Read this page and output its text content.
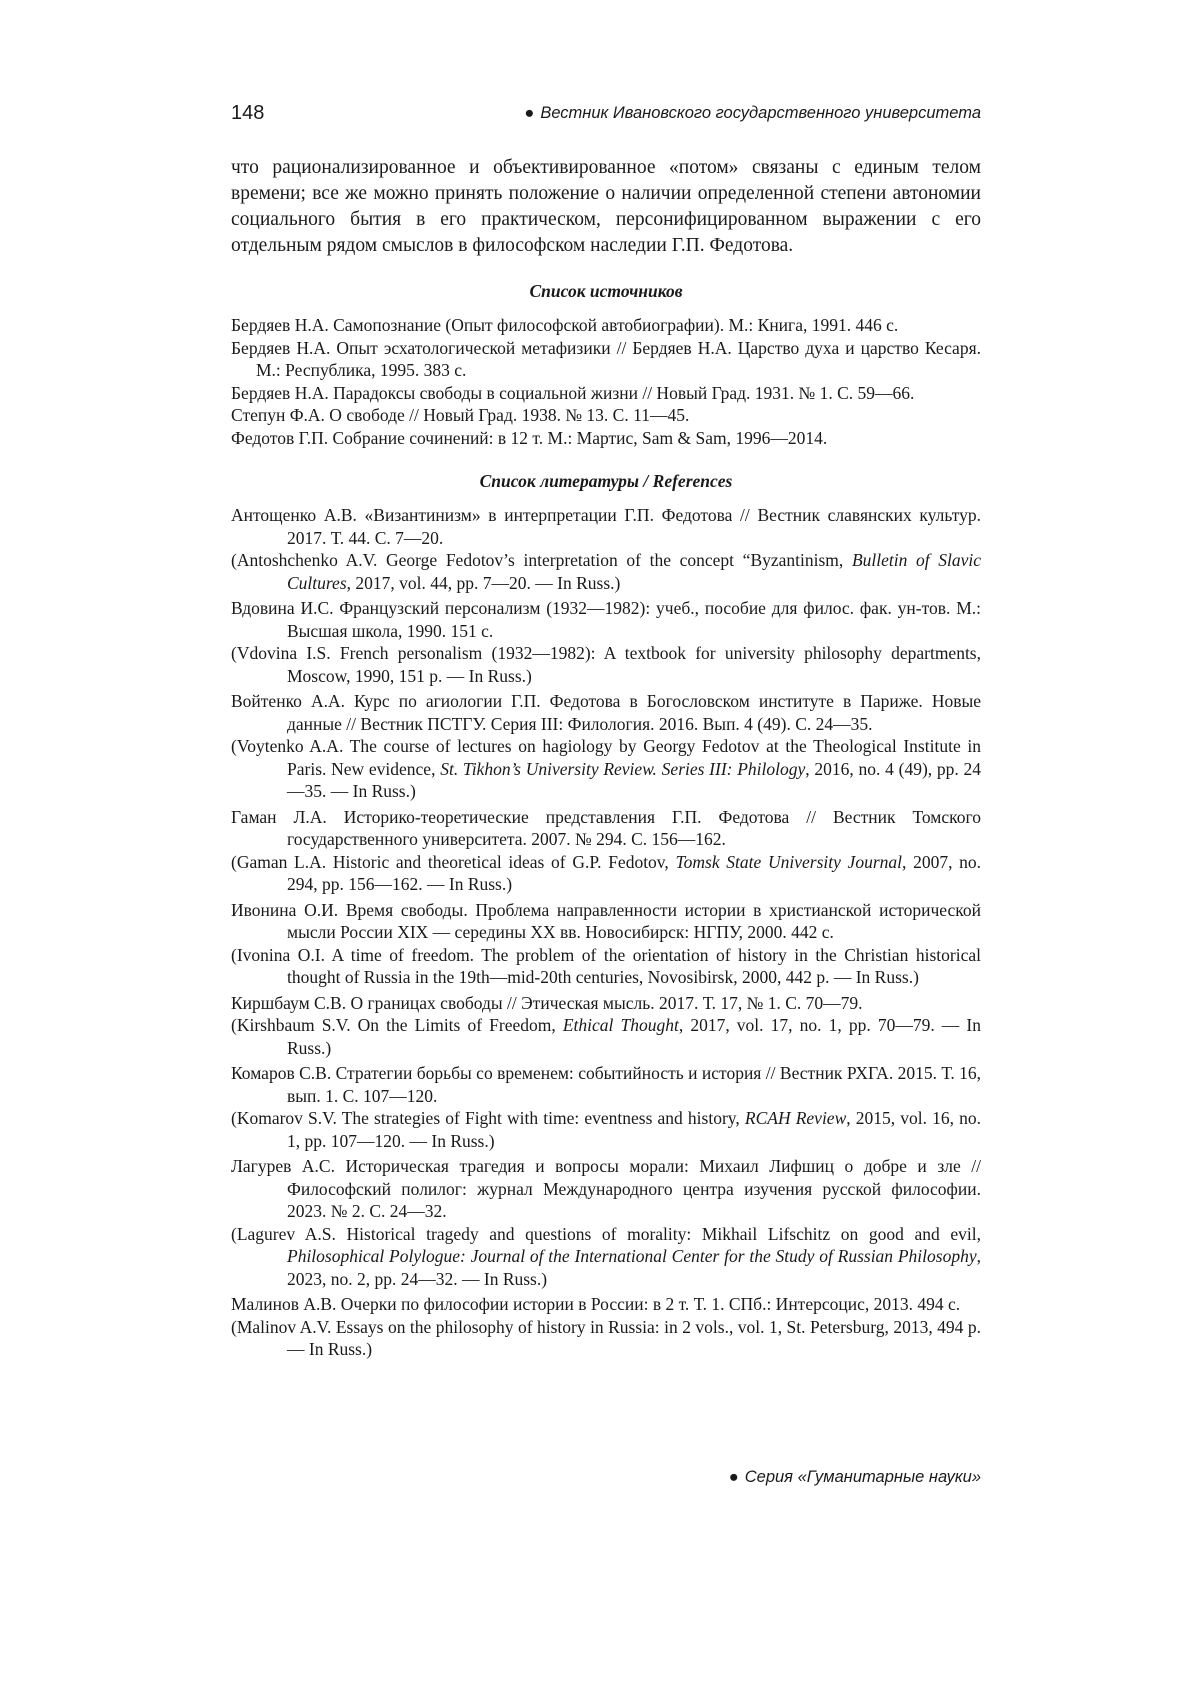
148	● Вестник Ивановского государственного университета

что рационализированное и объективированное «потом» связаны с единым телом времени; все же можно принять положение о наличии определенной степени автономии социального бытия в его практическом, персонифицированном выражении с его отдельным рядом смыслов в философском наследии Г.П. Федотова.

Список источников

Бердяев Н.А. Самопознание (Опыт философской автобиографии). М.: Книга, 1991. 446 с.

Бердяев Н.А. Опыт эсхатологической метафизики // Бердяев Н.А. Царство духа и царство Кесаря. М.: Республика, 1995. 383 с.

Бердяев Н.А. Парадоксы свободы в социальной жизни // Новый Град. 1931. № 1. С. 59—66.

Степун Ф.А. О свободе // Новый Град. 1938. № 13. С. 11—45.

Федотов Г.П. Собрание сочинений: в 12 т. М.: Мартис, Sam & Sam, 1996—2014.

Список литературы / References

Антощенко А.В. «Византинизм» в интерпретации Г.П. Федотова // Вестник славянских культур. 2017. Т. 44. С. 7—20.

(Antoshchenko A.V. George Fedotov’s interpretation of the concept “Byzantinism, Bulletin of Slavic Cultures, 2017, vol. 44, pp. 7—20. — In Russ.)

Вдовина И.С. Французский персонализм (1932—1982): учеб., пособие для филос. фак. ун-тов. М.: Высшая школа, 1990. 151 с.

(Vdovina I.S. French personalism (1932—1982): A textbook for university philosophy departments, Moscow, 1990, 151 p. — In Russ.)

Войтенко А.А. Курс по агиологии Г.П. Федотова в Богословском институте в Париже. Новые данные // Вестник ПСТГУ. Серия III: Филология. 2016. Вып. 4 (49). С. 24—35.

(Voytenko A.A. The course of lectures on hagiology by Georgy Fedotov at the Theological Institute in Paris. New evidence, St. Tikhon’s University Review. Series III: Philology, 2016, no. 4 (49), pp. 24—35. — In Russ.)

Гаман Л.А. Историко-теоретические представления Г.П. Федотова // Вестник Томского государственного университета. 2007. № 294. С. 156—162.

(Gaman L.A. Historic and theoretical ideas of G.P. Fedotov, Tomsk State University Journal, 2007, no. 294, pp. 156—162. — In Russ.)

Ивонина О.И. Время свободы. Проблема направленности истории в христианской исторической мысли России XIX — середины XX вв. Новосибирск: НГПУ, 2000. 442 с.

(Ivonina O.I. A time of freedom. The problem of the orientation of history in the Christian historical thought of Russia in the 19th—mid-20th centuries, Novosibirsk, 2000, 442 p. — In Russ.)

Киршбаум С.В. О границах свободы // Этическая мысль. 2017. Т. 17, № 1. С. 70—79.

(Kirshbaum S.V. On the Limits of Freedom, Ethical Thought, 2017, vol. 17, no. 1, pp. 70—79. — In Russ.)

Комаров С.В. Стратегии борьбы со временем: событийность и история // Вестник РХГА. 2015. Т. 16, вып. 1. С. 107—120.

(Komarov S.V. The strategies of Fight with time: eventness and history, RCAH Review, 2015, vol. 16, no. 1, pp. 107—120. — In Russ.)

Лагурев А.С. Историческая трагедия и вопросы морали: Михаил Лифшиц о добре и зле // Философский полилог: журнал Международного центра изучения русской философии. 2023. № 2. С. 24—32.

(Lagurev A.S. Historical tragedy and questions of morality: Mikhail Lifschitz on good and evil, Philosophical Polylogue: Journal of the International Center for the Study of Russian Philosophy, 2023, no. 2, pp. 24—32. — In Russ.)

Малинов А.В. Очерки по философии истории в России: в 2 т. Т. 1. СПб.: Интерсоцис, 2013. 494 с.

(Malinov A.V. Essays on the philosophy of history in Russia: in 2 vols., vol. 1, St. Petersburg, 2013, 494 p. — In Russ.)

● Серия «Гуманитарные науки»
